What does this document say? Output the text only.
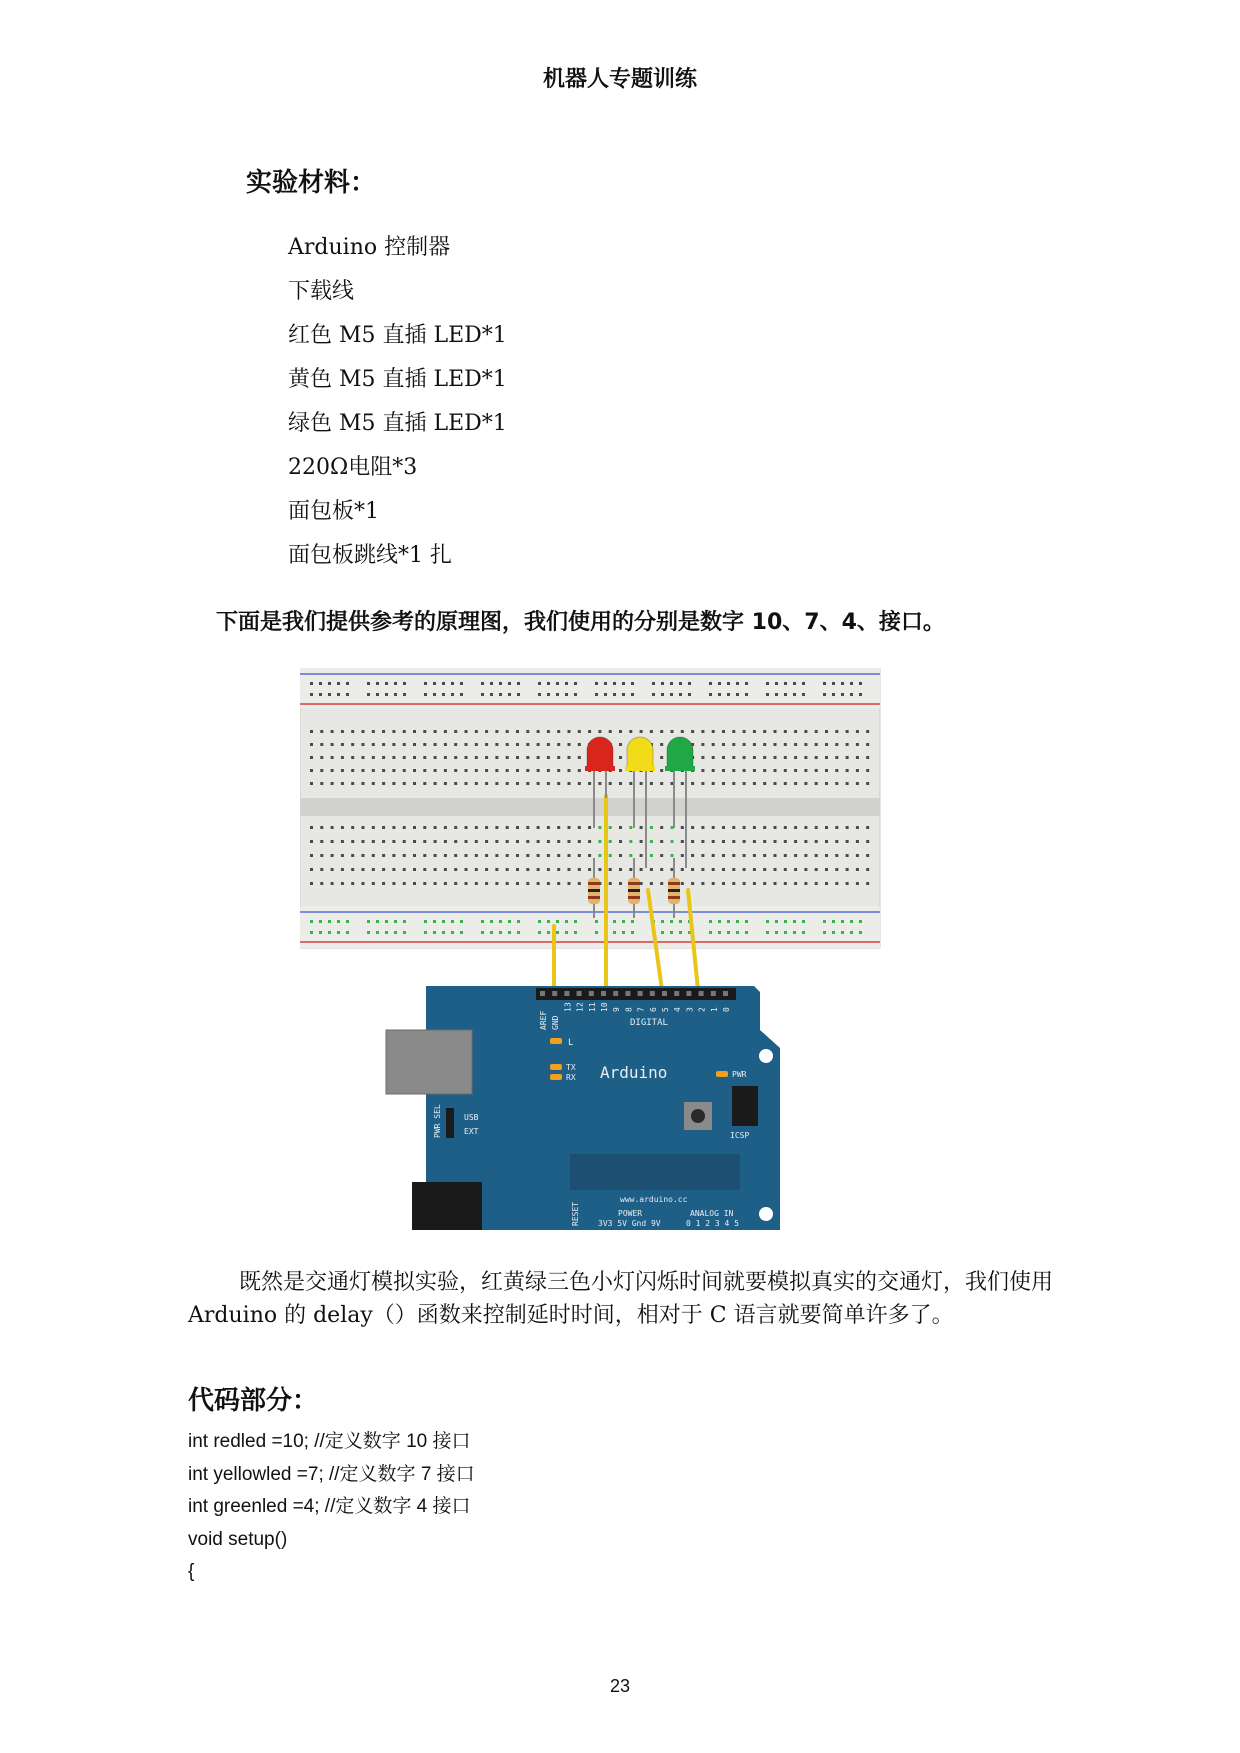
机器人专题训练
实验材料：
Arduino 控制器
下载线
红色 M5 直插 LED*1
黄色 M5 直插 LED*1
绿色 M5 直插 LED*1
220Ω电阻*3
面包板*1
面包板跳线*1 扎
下面是我们提供参考的原理图，我们使用的分别是数字 10、7、4、接口。
AREF GND
13 12 11 10 9 8 7 6 5 4 3 2 1 0
DIGITAL
L
TX
RX Arduino	PWR
USB
EXT
PWR SEL	ICSP
www.arduino.cc
RESET	POWER
3V3 5V Gnd 9V
ANALOG IN
0 1 2 3 4 5

既然是交通灯模拟实验，红黄绿三色小灯闪烁时间就要模拟真实的交通灯，我们使用 Arduino 的 delay（）函数来控制延时时间，相对于 C 语言就要简单许多了。

代码部分：
int redled =10; //定义数字 10 接口
int yellowled =7; //定义数字 7 接口
int greenled =4; //定义数字 4 接口
void setup()
{
23
